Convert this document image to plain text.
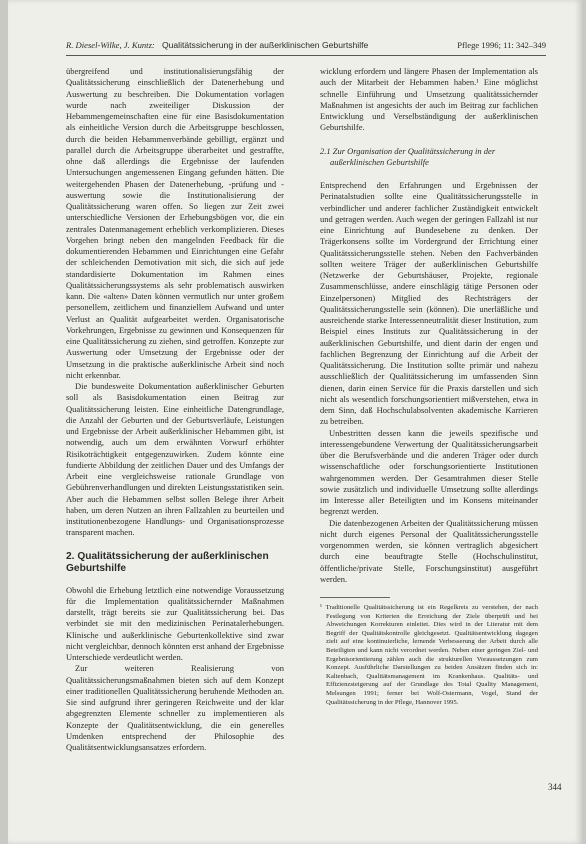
R. Diesel-Wilke, J. Kuntz: Qualitätssicherung in der außerklinischen Geburtshilfe	Pflege 1996; 11: 342–349

übergreifend und institutionalisierungsfähig der Qualitätssicherung einschließlich der Datenerhebung und Auswertung zu beschreiben. Die Dokumentation vorlagen wurde nach zweiteiliger Diskussion der Hebammengemeinschaften eine für eine Basisdokumentation als einheitliche Version durch die Arbeitsgruppe beschlossen, durch die beiden Hebammenverbände gebilligt, ergänzt und parallel durch die Arbeitsgruppe überarbeitet und gestraffte, ohne daß allerdings die Ergebnisse der laufenden Untersuchungen angemessenen Eingang gefunden hätten. Die weitergehenden Phasen der Datenerhebung, -prüfung und -auswertung sowie die Institutionalisierung der Qualitätssicherung waren offen. So liegen zur Zeit zwei unterschiedliche Versionen der Erhebungsbögen vor, die ein zentrales Datenmanagement erheblich verkomplizieren. Dieses Vorgehen bringt neben den mangelnden Feedback für die dokumentierenden Hebammen und Einrichtungen eine Gefahr der schleichenden Demotivation mit sich, die sich auf jede standardisierte Dokumentation im Rahmen eines Qualitätssicherungssystems als sehr problematisch auswirken kann. Die «alten» Daten können vermutlich nur unter großem personellem, zeitlichem und finanziellem Aufwand und unter Verlust an Qualität aufgearbeitet werden. Organisatorische Vorkehrungen, Ergebnisse zu gewinnen und Konsequenzen für eine Qualitätssicherung zu ziehen, sind getroffen. Konzepte zur Auswertung oder Umsetzung der Ergebnisse oder der Umsetzung in die praktische außerklinische Arbeit sind noch nicht erkennbar.

Die bundesweite Dokumentation außerklinischer Geburten soll als Basisdokumentation einen Beitrag zur Qualitätssicherung leisten. Eine einheitliche Datengrundlage, die Anzahl der Geburten und der Geburtsverläufe, Leistungen und Ergebnisse der Arbeit außerklinischer Hebammen gibt, ist notwendig, auch um dem erwähnten Vorwurf erhöhter Risikoträchtigkeit entgegenzuwirken. Zudem könnte eine fundierte Abbildung der zeitlichen Dauer und des Umfangs der Arbeit eine vergleichsweise rationale Grundlage von Gebührenverhandlungen und direkten Leistungsstatistiken sein. Aber auch die Hebammen selbst sollen Belege ihrer Arbeit haben, um deren Nutzen an ihren Fallzahlen zu beurteilen und institutionenbezogene Handlungs- und Organisationsprozesse transparent machen.

2. Qualitätssicherung der außerklinischen Geburtshilfe

Obwohl die Erhebung letztlich eine notwendige Voraussetzung für die Implementation qualitätssichernder Maßnahmen darstellt, trägt bereits sie zur Qualitätssicherung bei. Das verbindet sie mit den medizinischen Perinatalerhebungen. Klinische und außerklinische Geburtenkollektive sind zwar nicht vergleichbar, dennoch könnten erst anhand der Ergebnisse Unterschiede verdeutlicht werden.

Zur weiteren Realisierung von Qualitätssicherungsmaßnahmen bieten sich auf dem Konzept einer traditionellen Qualitätssicherung beruhende Methoden an. Sie sind aufgrund ihrer geringeren Reichweite und der klar abgegrenzten Elemente schneller zu implementieren als Konzepte der Qualitätsentwicklung, die ein generelles Umdenken entsprechend der Philosophie des Qualitätsentwicklungsansatzes erfordern.

wicklung erfordern und längere Phasen der Implementation als auch der Mitarbeit der Hebammen haben.¹ Eine möglichst schnelle Einführung und Umsetzung qualitätssichernder Maßnahmen ist angesichts der auch im Beitrag zur fachlichen Entwicklung und Verselbständigung der außerklinischen Geburtshilfe.

2.1 Zur Organisation der Qualitätssicherung in der außerklinischen Geburtshilfe

Entsprechend den Erfahrungen und Ergebnissen der Perinatalstudien sollte eine Qualitätssicherungsstelle in verbindlicher und anderer fachlicher Zuständigkeit entwickelt und getragen werden. Auch wegen der geringen Fallzahl ist nur eine Einrichtung auf Bundesebene zu denken. Der Trägerkonsens sollte im Vordergrund der Errichtung einer Qualitätssicherungsstelle stehen. Neben den Fachverbänden sollten weitere Träger der außerklinischen Geburtshilfe (Netzwerke der Geburtshäuser, Projekte, regionale Zusammenschlüsse, andere einschlägig tätige Personen oder Einzelpersonen) Mitglied des Rechtsträgers der Qualitätssicherungsstelle sein (können). Die unerläßliche und ausreichende starke Interessenneutralität dieser Institution, zum Beispiel eines Instituts zur Qualitätssicherung in der außerklinischen Geburtshilfe, und dient darin der engen und fachlichen Begrenzung der Einrichtung auf die Arbeit der Qualitätssicherung. Die Institution sollte primär und nahezu ausschließlich der Qualitätssicherung im umfassenden Sinn dienen, darin einen Service für die Praxis darstellen und sich nicht als wesentlich forschungsorientiert mißverstehen, etwa in dem Sinn, daß Hochschulabsolventen akademische Karrieren zu betreiben.

Unbestritten dessen kann die jeweils spezifische und interessengebundene Verwertung der Qualitätssicherungsarbeit über die Berufsverbände und die anderen Träger oder durch wissenschaftliche oder forschungsorientierte Institutionen wahrgenommen werden. Der Gesamtrahmen dieser Stelle sowie zusätzlich und individuelle Umsetzung sollte allerdings im Interesse aller Beteiligten und im Konsens miteinander begrenzt werden.

Die datenbezogenen Arbeiten der Qualitätssicherung müssen nicht durch eigenes Personal der Qualitätssicherungsstelle vorgenommen werden, sie können vertraglich abgesichert durch eine beauftragte Stelle (Hochschulinstitut, öffentliche/private Stelle, Forschungsinstitut) ausgeführt werden.

¹ Traditionelle Qualitätssicherung ist ein Regelkreis zu verstehen, der nach Festlegung von Kriterien die Erreichung der Ziele überprüft und bei Abweichungen Korrekturen einleitet. Dies wird in der Literatur mit dem Begriff der Qualitätskontrolle gleichgesetzt. Qualitätsentwicklung dagegen zielt auf eine kontinuierliche, lernende Verbesserung der Arbeit durch alle Beteiligten und kann nicht verordnet werden. Neben einer geringen Ziel- und Ergebnisorientierung zählen auch die strukturellen Voraussetzungen zum Konzept. Ausführliche Darstellungen zu beiden Ansätzen finden sich in: Kaltenbach, Qualitätsmanagement im Krankenhaus. Qualitäts- und Effizienzsteigerung auf der Grundlage des Total Quality Management, Melsungen 1991; ferner bei Wolf-Ostermann, Vogel, Stand der Qualitätssicherung in der Pflege, Hannover 1995.

344
